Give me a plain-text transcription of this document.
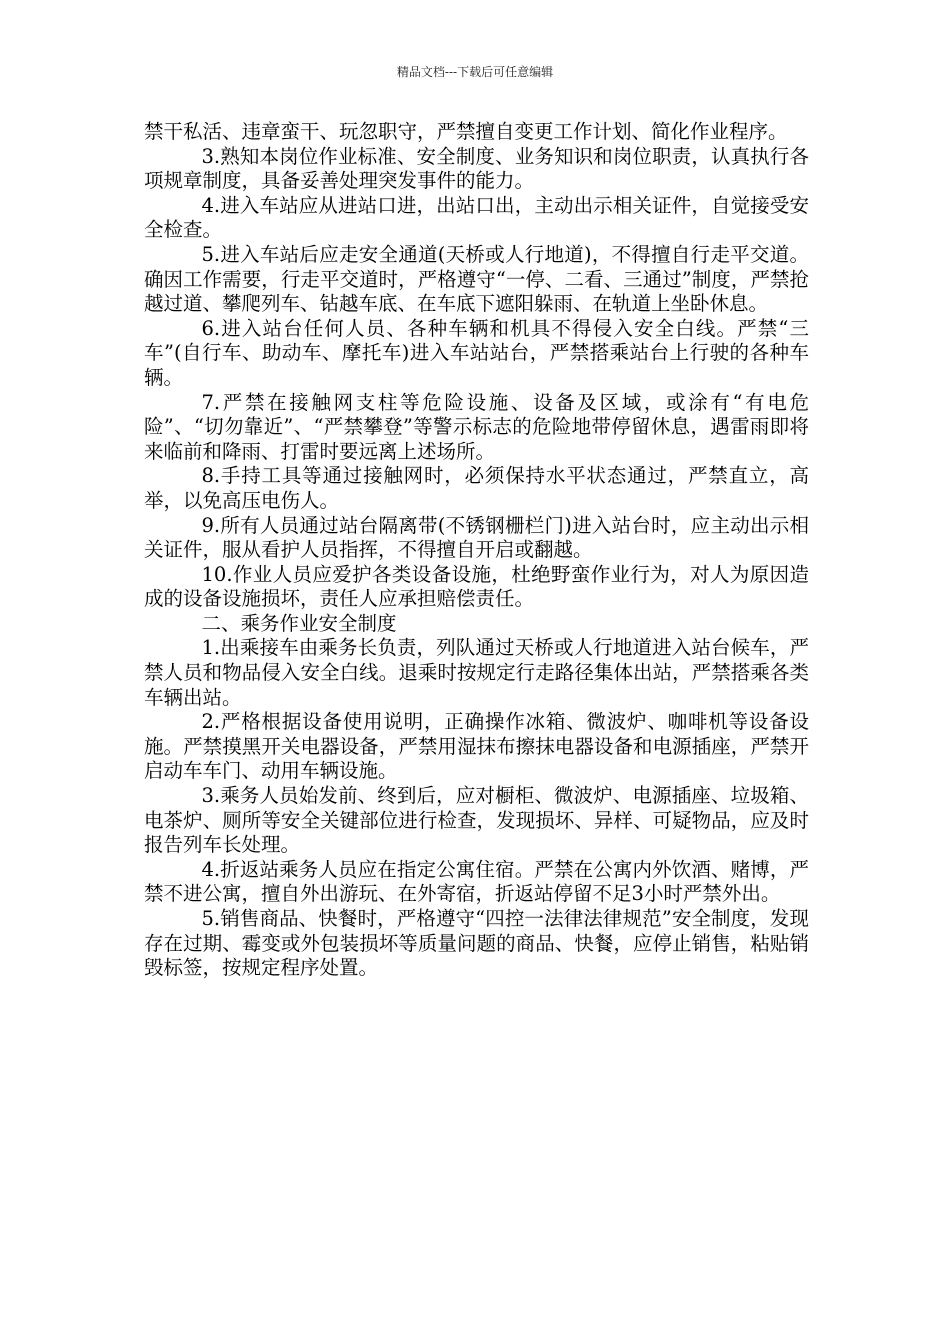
精品文档---下载后可任意编辑

禁干私活、违章蛮干、玩忽职守，严禁擅自变更工作计划、简化作业程序。

3.熟知本岗位作业标准、安全制度、业务知识和岗位职责，认真执行各项规章制度，具备妥善处理突发事件的能力。

4.进入车站应从进站口进，出站口出，主动出示相关证件，自觉接受安全检查。

5.进入车站后应走安全通道(天桥或人行地道)，不得擅自行走平交道。确因工作需要，行走平交道时，严格遵守“一停、二看、三通过”制度，严禁抢越过道、攀爬列车、钻越车底、在车底下遮阳躲雨、在轨道上坐卧休息。

6.进入站台任何人员、各种车辆和机具不得侵入安全白线。严禁“三车”(自行车、助动车、摩托车)进入车站站台，严禁搭乘站台上行驶的各种车辆。

7.严禁在接触网支柱等危险设施、设备及区域，或涂有“有电危险”、“切勿靠近”、“严禁攀登”等警示标志的危险地带停留休息，遇雷雨即将来临前和降雨、打雷时要远离上述场所。

8.手持工具等通过接触网时，必须保持水平状态通过，严禁直立，高举，以免高压电伤人。

9.所有人员通过站台隔离带(不锈钢栅栏门)进入站台时，应主动出示相关证件，服从看护人员指挥，不得擅自开启或翻越。

10.作业人员应爱护各类设备设施，杜绝野蛮作业行为，对人为原因造成的设备设施损坏，责任人应承担赔偿责任。

二、乘务作业安全制度

1.出乘接车由乘务长负责，列队通过天桥或人行地道进入站台候车，严禁人员和物品侵入安全白线。退乘时按规定行走路径集体出站，严禁搭乘各类车辆出站。

2.严格根据设备使用说明，正确操作冰箱、微波炉、咖啡机等设备设施。严禁摸黑开关电器设备，严禁用湿抹布擦抹电器设备和电源插座，严禁开启动车车门、动用车辆设施。

3.乘务人员始发前、终到后，应对橱柜、微波炉、电源插座、垃圾箱、电茶炉、厕所等安全关键部位进行检查，发现损坏、异样、可疑物品，应及时报告列车长处理。

4.折返站乘务人员应在指定公寓住宿。严禁在公寓内外饮酒、赌博，严禁不进公寓，擅自外出游玩、在外寄宿，折返站停留不足3小时严禁外出。

5.销售商品、快餐时，严格遵守“四控一法律法律规范”安全制度，发现存在过期、霉变或外包装损坏等质量问题的商品、快餐，应停止销售，粘贴销毁标签，按规定程序处置。
